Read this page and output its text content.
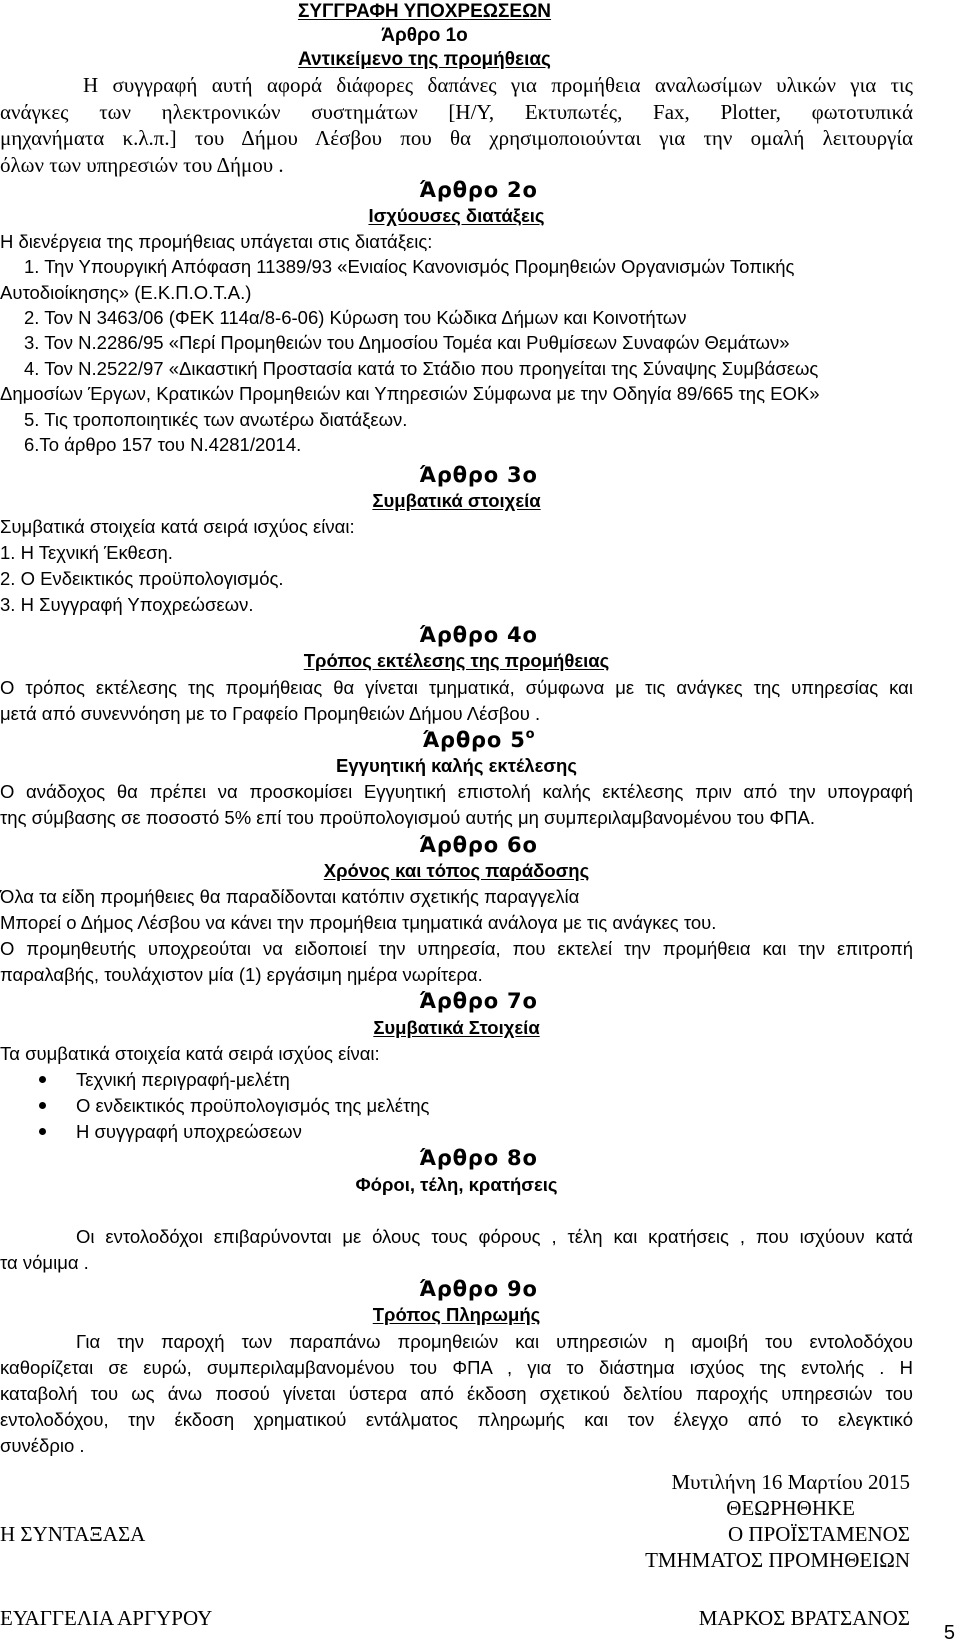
ΣΥΓΓΡΑΦΗ ΥΠΟΧΡΕΩΣΕΩΝ
Άρθρο 1ο
Αντικείμενο της προμήθειας
Η συγγραφή αυτή αφορά διάφορες δαπάνες για προμήθεια αναλωσίμων υλικών για τις
ανάγκες των ηλεκτρονικών συστημάτων [Η/Υ, Εκτυπωτές, Fax, Plotter, φωτοτυπικά
μηχανήματα κ.λ.π.] του Δήμου Λέσβου που θα χρησιμοποιούνται για την ομαλή λειτουργία
όλων των υπηρεσιών του Δήμου .
Άρθρο 2ο
Ισχύουσες διατάξεις
Η διενέργεια της προμήθειας υπάγεται στις διατάξεις:
1. Την Υπουργική Απόφαση 11389/93 «Ενιαίος Κανονισμός Προμηθειών Οργανισμών Τοπικής
Αυτοδιοίκησης» (Ε.Κ.Π.Ο.Τ.Α.)
2. Τον Ν 3463/06 (ΦΕΚ 114α/8-6-06) Κύρωση του Κώδικα Δήμων και Κοινοτήτων
3. Τον Ν.2286/95 «Περί Προμηθειών του Δημοσίου Τομέα και Ρυθμίσεων Συναφών Θεμάτων»
4. Τον Ν.2522/97 «Δικαστική Προστασία κατά το Στάδιο που προηγείται της Σύναψης Συμβάσεως
Δημοσίων Έργων, Κρατικών Προμηθειών και Υπηρεσιών Σύμφωνα με την Οδηγία 89/665 της ΕΟΚ»
5. Τις τροποποιητικές των ανωτέρω διατάξεων.
6.Το άρθρο 157 του Ν.4281/2014.
Άρθρο 3ο
Συμβατικά στοιχεία
Συμβατικά στοιχεία κατά σειρά ισχύος είναι:
1. Η Τεχνική Έκθεση.
2. Ο Ενδεικτικός προϋπολογισμός.
3. Η Συγγραφή Υποχρεώσεων.
Άρθρο 4ο
Τρόπος εκτέλεσης της προμήθειας
Ο τρόπος εκτέλεσης της προμήθειας θα γίνεται τμηματικά, σύμφωνα με τις ανάγκες της υπηρεσίας και
μετά από συνεννόηση με το Γραφείο Προμηθειών Δήμου Λέσβου .
Άρθρο $5^o$
Εγγυητική καλής εκτέλεσης
Ο ανάδοχος θα πρέπει να προσκομίσει Εγγυητική επιστολή καλής εκτέλεσης πριν από την υπογραφή
της σύμβασης σε ποσοστό 5% επί του προϋπολογισμού αυτής μη συμπεριλαμβανομένου του ΦΠΑ.
Άρθρο 6ο
Χρόνος και τόπος παράδοσης
Όλα τα είδη προμήθειες θα παραδίδονται κατόπιν σχετικής παραγγελία
Μπορεί ο Δήμος Λέσβου να κάνει την προμήθεια τμηματικά ανάλογα με τις ανάγκες του.
Ο προμηθευτής υποχρεούται να ειδοποιεί την υπηρεσία, που εκτελεί την προμήθεια και την επιτροπή
παραλαβής, τουλάχιστον μία (1) εργάσιμη ημέρα νωρίτερα.
Άρθρο 7ο
Συμβατικά Στοιχεία
Τα συμβατικά στοιχεία κατά σειρά ισχύος είναι:
Τεχνική περιγραφή-μελέτη
Ο ενδεικτικός προϋπολογισμός της μελέτης
Η συγγραφή υποχρεώσεων
Άρθρο 8ο
Φόροι, τέλη, κρατήσεις
Οι εντολοδόχοι επιβαρύνονται με όλους τους φόρους , τέλη και κρατήσεις , που ισχύουν κατά
τα νόμιμα .
Άρθρο 9ο
Τρόπος Πληρωμής
Για την παροχή των παραπάνω προμηθειών και υπηρεσιών η αμοιβή του εντολοδόχου
καθορίζεται σε ευρώ, συμπεριλαμβανομένου του ΦΠΑ , για το διάστημα ισχύος της εντολής . Η
καταβολή του ως άνω ποσού γίνεται ύστερα από έκδοση σχετικού δελτίου παροχής υπηρεσιών του
εντολοδόχου, την έκδοση χρηματικού εντάλματος πληρωμής και τον έλεγχο από το ελεγκτικό
συνέδριο .
Μυτιλήνη 16 Μαρτίου 2015
ΘΕΩΡΗΘΗΚΕ
Η ΣΥΝΤΑΞΑΣΑ	Ο ΠΡΟΪΣΤΑΜΕΝΟΣ
ΤΜΗΜΑΤΟΣ ΠΡΟΜΗΘΕΙΩΝ
ΕΥΑΓΓΕΛΙΑ ΑΡΓΥΡΟΥ	ΜΑΡΚΟΣ ΒΡΑΤΣΑΝΟΣ
5
